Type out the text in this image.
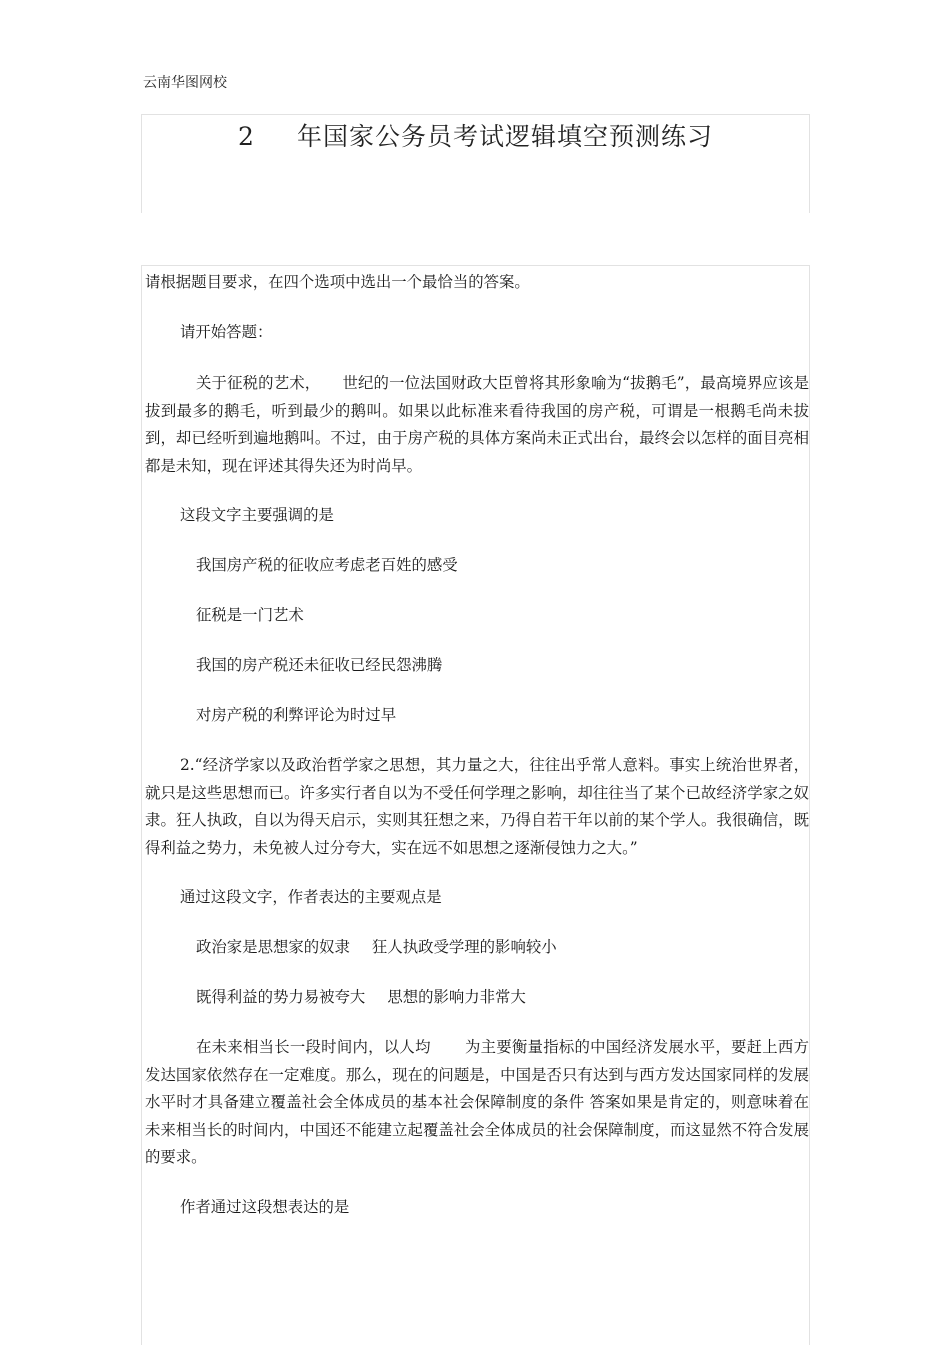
云南华图网校
2 年国家公务员考试逻辑填空预测练习
请根据题目要求，在四个选项中选出一个最恰当的答案。
请开始答题：
关于征税的艺术， 世纪的一位法国财政大臣曾将其形象喻为“拔鹅毛”，最高境界应该是拔到最多的鹅毛，听到最少的鹅叫。如果以此标准来看待我国的房产税，可谓是一根鹅毛尚未拔到，却已经听到遍地鹅叫。不过，由于房产税的具体方案尚未正式出台，最终会以怎样的面目亮相都是未知，现在评述其得失还为时尚早。
这段文字主要强调的是
我国房产税的征收应考虑老百姓的感受
征税是一门艺术
我国的房产税还未征收已经民怨沸腾
对房产税的利弊评论为时过早
2.“经济学家以及政治哲学家之思想，其力量之大，往往出乎常人意料。事实上统治世界者，就只是这些思想而已。许多实行者自以为不受任何学理之影响，却往往当了某个已故经济学家之奴隶。狂人执政，自以为得天启示，实则其狂想之来，乃得自若干年以前的某个学人。我很确信，既得利益之势力，未免被人过分夸大，实在远不如思想之逐渐侵蚀力之大。”
通过这段文字，作者表达的主要观点是
政治家是思想家的奴隶 狂人执政受学理的影响较小
既得利益的势力易被夸大 思想的影响力非常大
在未来相当长一段时间内，以人均 为主要衡量指标的中国经济发展水平，要赶上西方发达国家依然存在一定难度。那么，现在的问题是，中国是否只有达到与西方发达国家同样的发展水平时才具备建立覆盖社会全体成员的基本社会保障制度的条件 答案如果是肯定的，则意味着在未来相当长的时间内，中国还不能建立起覆盖社会全体成员的社会保障制度，而这显然不符合发展的要求。
作者通过这段想表达的是
